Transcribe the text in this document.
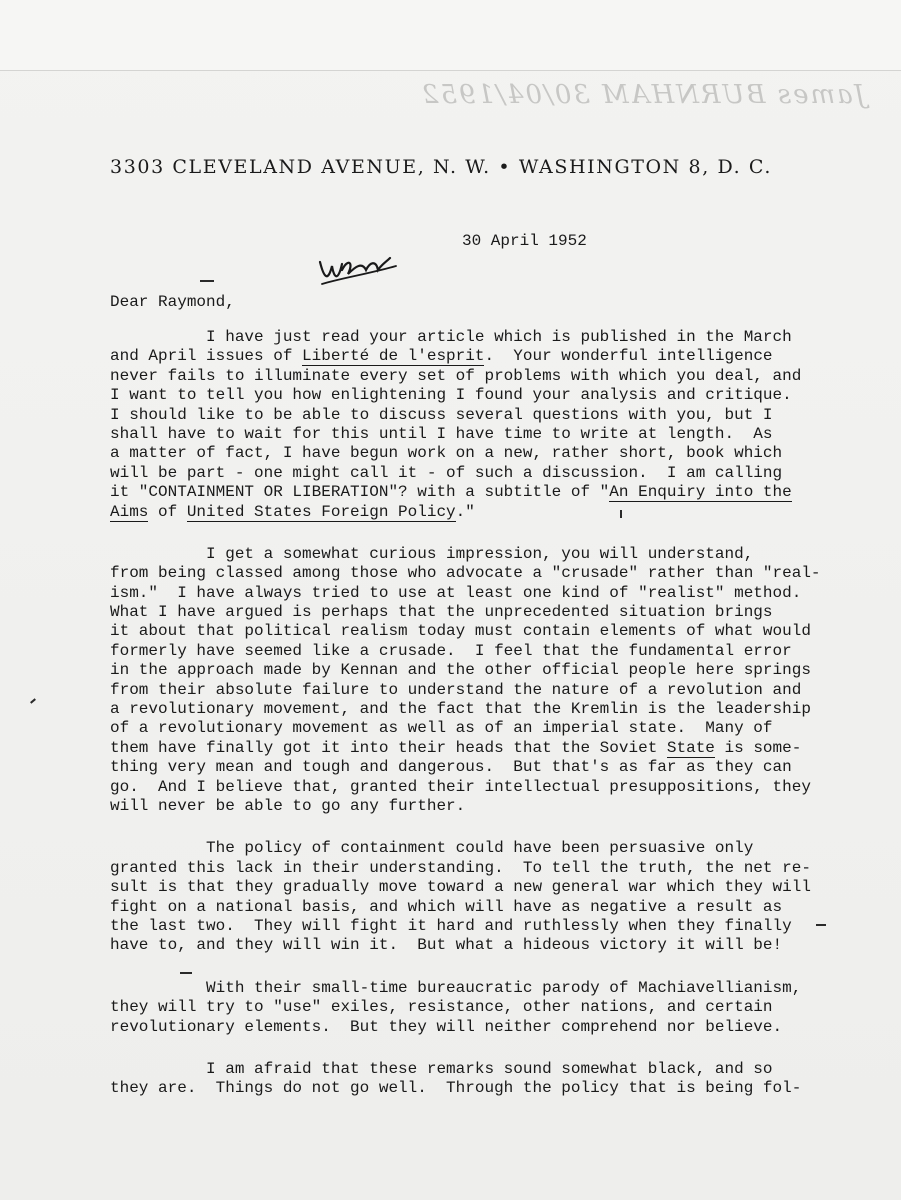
James BURNHAM 30/04/1952
3303 CLEVELAND AVENUE, N. W. • WASHINGTON 8, D. C.
30 April 1952
Dear Raymond,
I have just read your article which is published in the March
and April issues of Liberté de l'esprit.  Your wonderful intelligence
never fails to illuminate every set of problems with which you deal, and
I want to tell you how enlightening I found your analysis and critique.
I should like to be able to discuss several questions with you, but I
shall have to wait for this until I have time to write at length.  As
a matter of fact, I have begun work on a new, rather short, book which
will be part - one might call it - of such a discussion.  I am calling
it "CONTAINMENT OR LIBERATION"? with a subtitle of "An Enquiry into the
Aims of United States Foreign Policy."
I get a somewhat curious impression, you will understand,
from being classed among those who advocate a "crusade" rather than "real-
ism."  I have always tried to use at least one kind of "realist" method.
What I have argued is perhaps that the unprecedented situation brings
it about that political realism today must contain elements of what would
formerly have seemed like a crusade.  I feel that the fundamental error
in the approach made by Kennan and the other official people here springs
from their absolute failure to understand the nature of a revolution and
a revolutionary movement, and the fact that the Kremlin is the leadership
of a revolutionary movement as well as of an imperial state.  Many of
them have finally got it into their heads that the Soviet State is some-
thing very mean and tough and dangerous.  But that's as far as they can
go.  And I believe that, granted their intellectual presuppositions, they
will never be able to go any further.
The policy of containment could have been persuasive only
granted this lack in their understanding.  To tell the truth, the net re-
sult is that they gradually move toward a new general war which they will
fight on a national basis, and which will have as negative a result as
the last two.  They will fight it hard and ruthlessly when they finally
have to, and they will win it.  But what a hideous victory it will be!
With their small-time bureaucratic parody of Machiavellianism,
they will try to "use" exiles, resistance, other nations, and certain
revolutionary elements.  But they will neither comprehend nor believe.
I am afraid that these remarks sound somewhat black, and so
they are.  Things do not go well.  Through the policy that is being fol-
